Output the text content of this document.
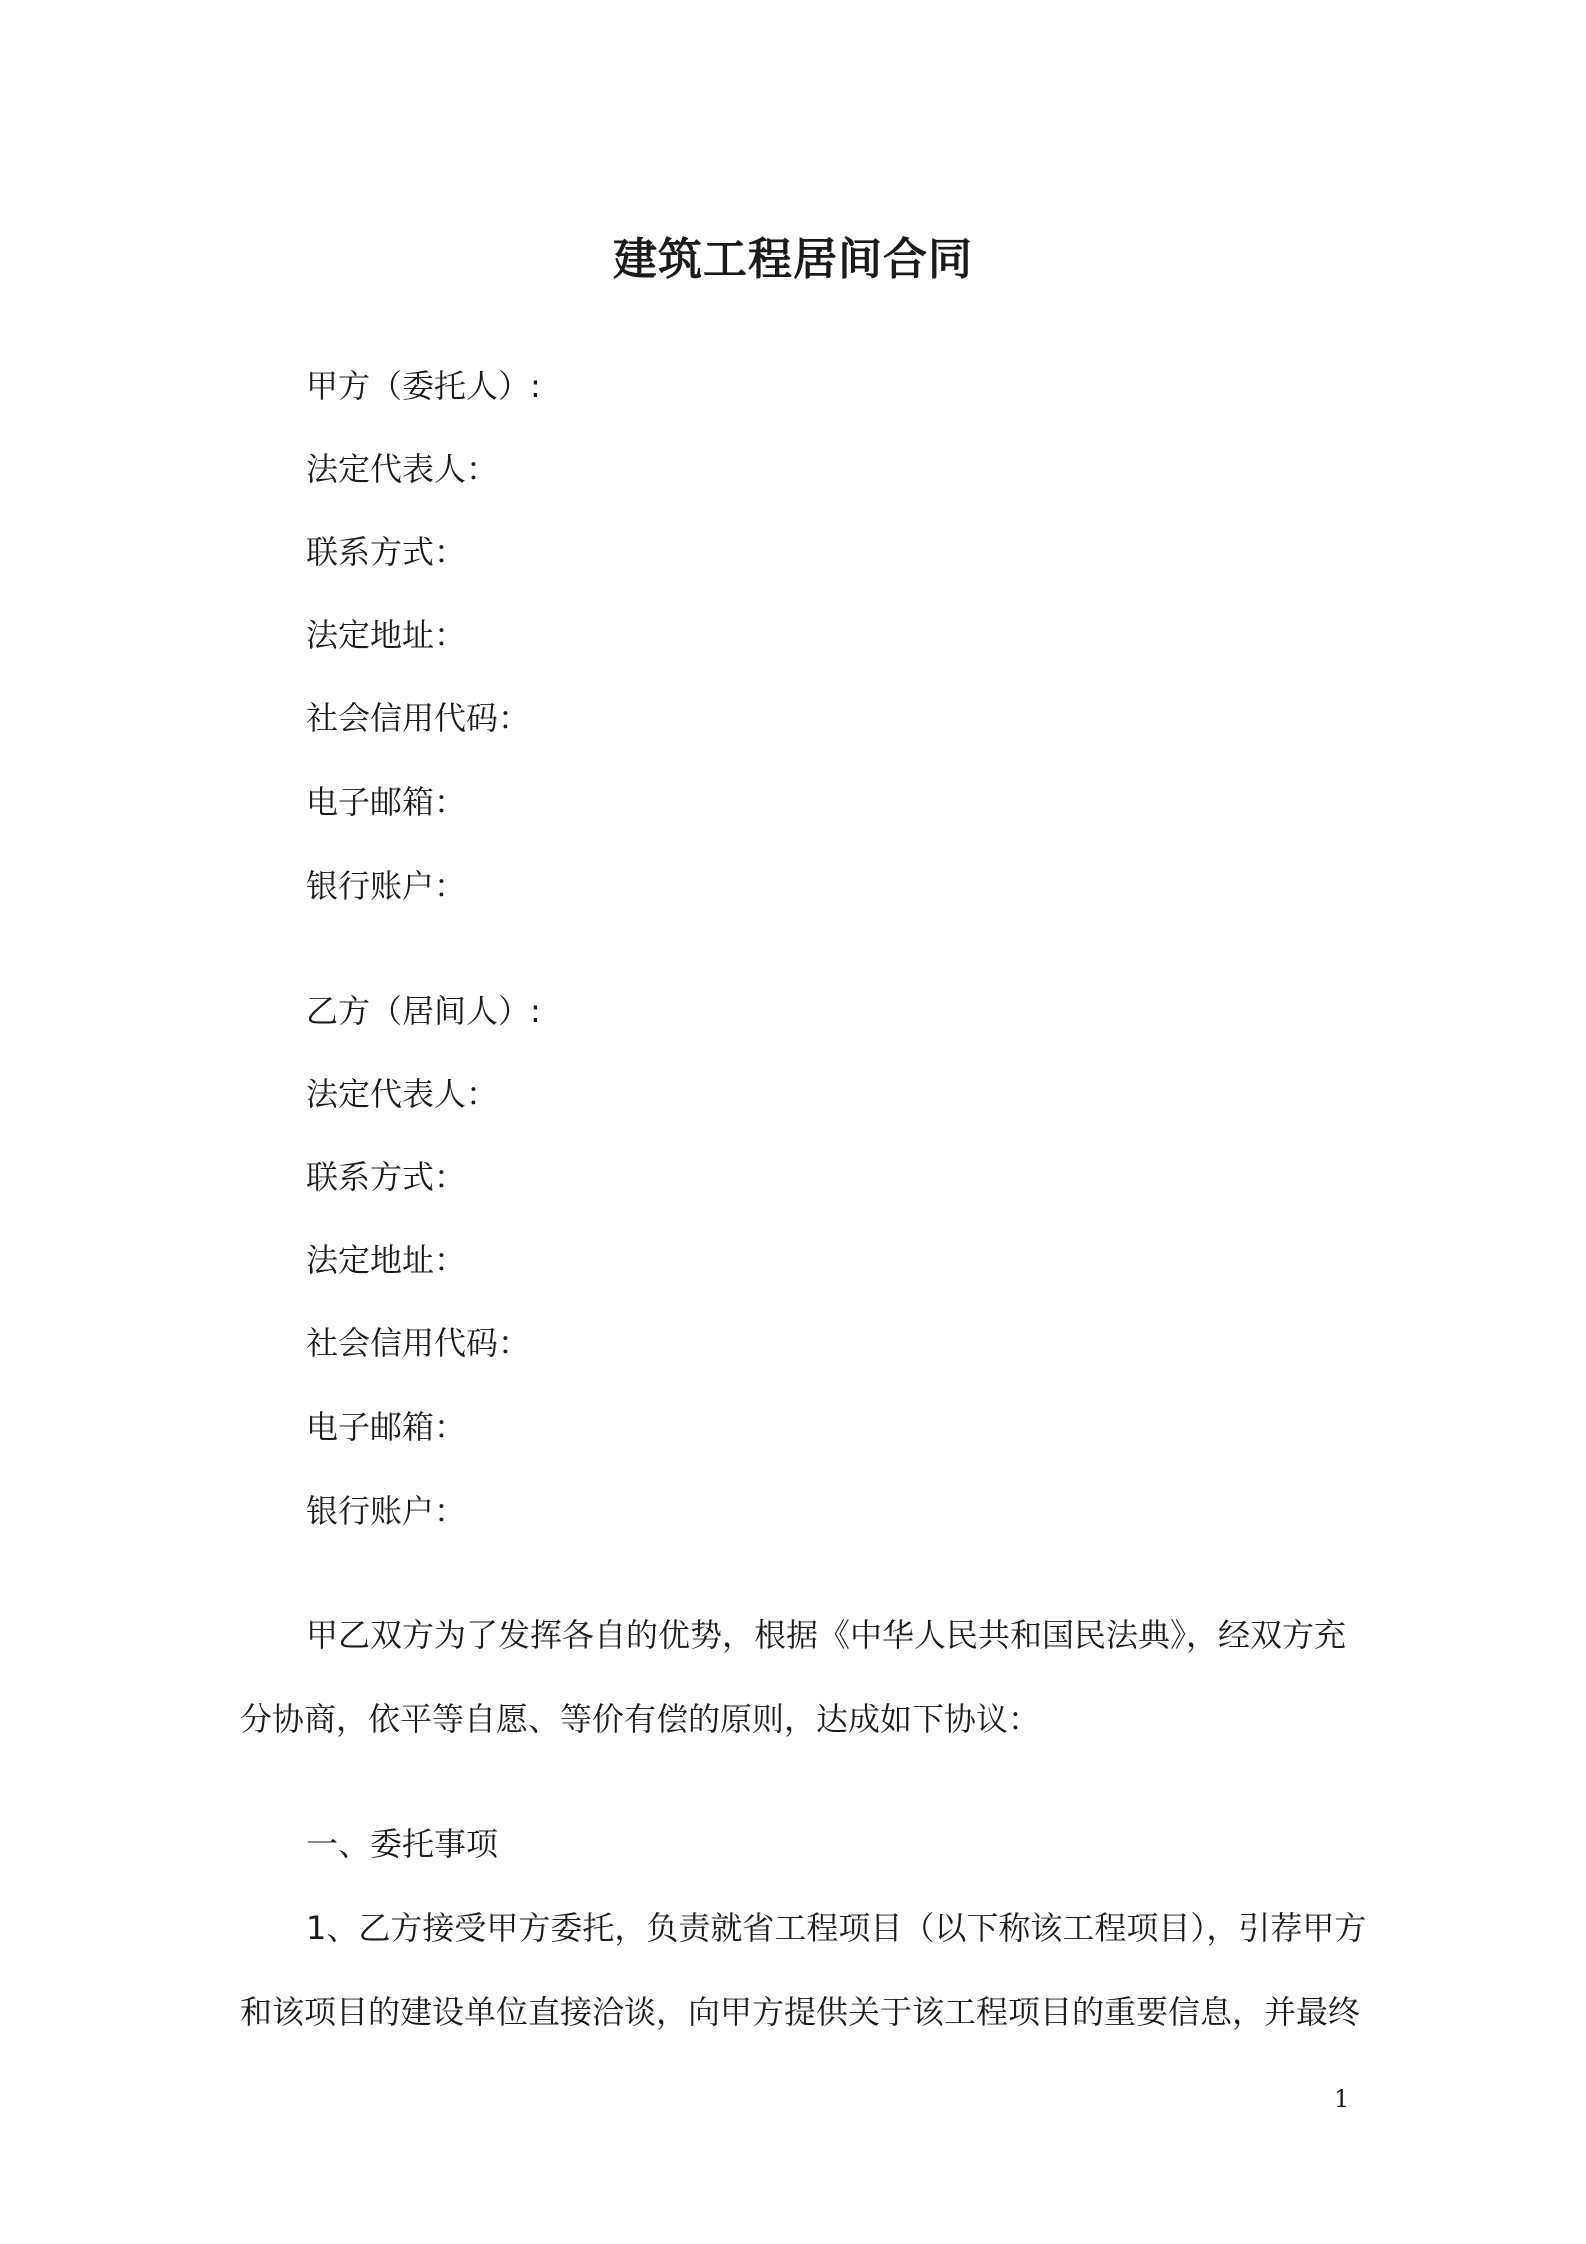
建筑工程居间合同
甲方（委托人）:
法定代表人：
联系方式：
法定地址：
社会信用代码：
电子邮箱：
银行账户：
乙方（居间人）:
法定代表人：
联系方式：
法定地址：
社会信用代码：
电子邮箱：
银行账户：
甲乙双方为了发挥各自的优势，根据《中华人民共和国民法典》，经双方充
分协商，依平等自愿、等价有偿的原则，达成如下协议：
一、委托事项
1、乙方接受甲方委托，负责就省工程项目（以下称该工程项目），引荐甲方
和该项目的建设单位直接洽谈，向甲方提供关于该工程项目的重要信息，并最终
1
